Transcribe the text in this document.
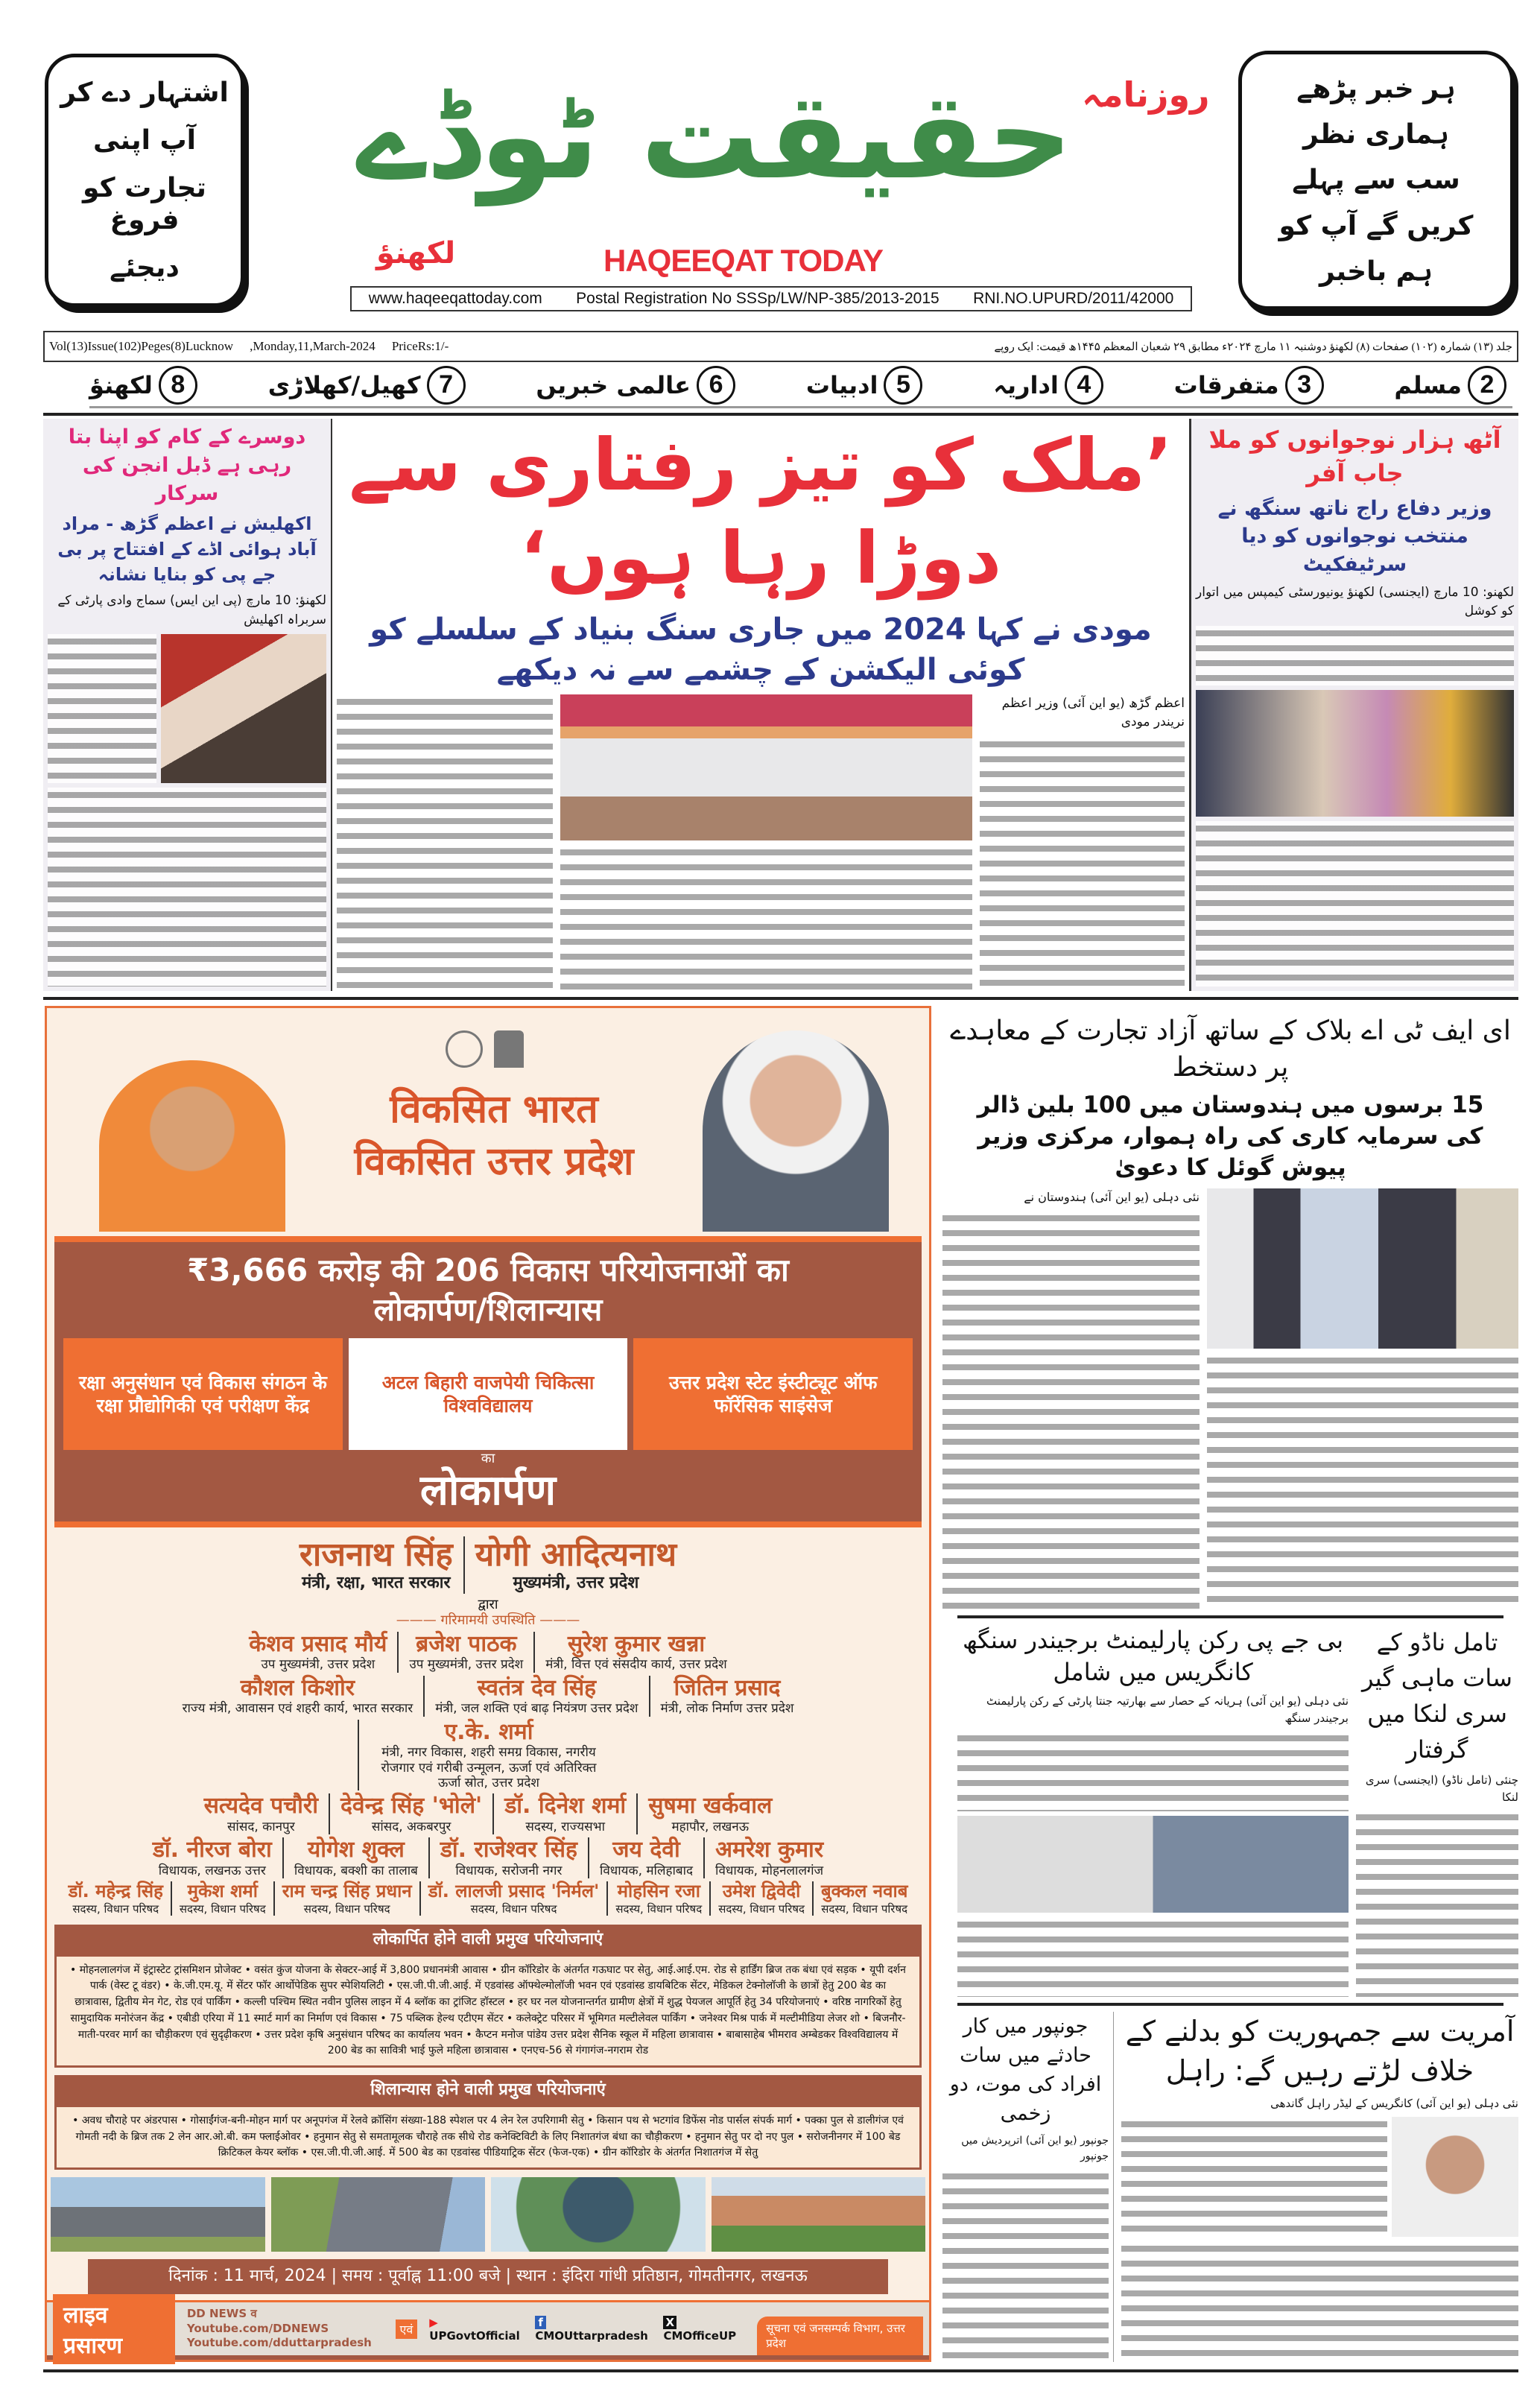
اشتہار دے کر
آپ اپنی
تجارت کو فروغ
دیجئے
ہر خبر پڑھے
ہماری نظر
سب سے پہلے
کریں گے آپ کو
ہم باخبر
حقیقت ٹوڈے روزنامہ
لکھنؤ	HAQEEQAT TODAY
www.haqeeqattoday.com Postal Registration No SSSp/LW/NP-385/2013-2015 RNI.NO.UPURD/2011/42000
Vol(13)Issue(102)Peges(8)Lucknow ,Monday,11,March-2024 PriceRs:1/-	جلد (۱۳) شمارہ (۱۰۲) صفحات (۸) لکھنؤ دوشنبہ ۱۱ مارچ ۲۰۲۴ء مطابق ۲۹ شعبان المعظم ۱۴۴۵ھ قیمت: ایک روپے
2
مسلم
3
متفرقات
4
اداریہ
5
ادبیات
6
عالمی خبریں
7
کھیل/کھلاڑی
8
لکھنؤ
دوسرے کے کام کو اپنا بتا رہی ہے ڈبل انجن کی سرکار
اکھلیش نے اعظم گڑھ - مراد آباد ہوائی اڈے کے افتتاح پر بی جے پی کو بنایا نشانہ
لکھنؤ: 10 مارچ (پی این ایس) سماج وادی پارٹی کے سربراہ اکھلیش
’ملک کو تیز رفتاری سے دوڑا رہا ہوں‘
مودی نے کہا 2024 میں جاری سنگ بنیاد کے سلسلے کو کوئی الیکشن کے چشمے سے نہ دیکھے
اعظم گڑھ (یو این آئی) وزیر اعظم نریندر مودی
آٹھ ہزار نوجوانوں کو ملا جاب آفر
وزیر دفاع راج ناتھ سنگھ نے منتخب نوجوانوں کو دیا سرٹیفکیٹ
لکھنو: 10 مارچ (ایجنسی) لکھنؤ یونیورسٹی کیمپس میں اتوار کو کوشل
विकसित भारत
विकसित उत्तर प्रदेश
₹3,666 करोड़ की 206 विकास परियोजनाओं का लोकार्पण/शिलान्यास
रक्षा अनुसंधान एवं विकास संगठन के रक्षा प्रौद्योगिकी एवं परीक्षण केंद्र
अटल बिहारी वाजपेयी चिकित्सा विश्वविद्यालय
उत्तर प्रदेश स्टेट इंस्टीट्यूट ऑफ फॉरेंसिक साइंसेज
का
लोकार्पण
राजनाथ सिंह
मंत्री, रक्षा, भारत सरकार
योगी आदित्यनाथ
मुख्यमंत्री, उत्तर प्रदेश
द्वारा
——— गरिमामयी उपस्थिति ———
केशव प्रसाद मौर्य
उप मुख्यमंत्री, उत्तर प्रदेश
ब्रजेश पाठक
उप मुख्यमंत्री, उत्तर प्रदेश
सुरेश कुमार खन्ना
मंत्री, वित्त एवं संसदीय कार्य, उत्तर प्रदेश
कौशल किशोर
राज्य मंत्री, आवासन एवं शहरी कार्य, भारत सरकार
स्वतंत्र देव सिंह
मंत्री, जल शक्ति एवं बाढ़ नियंत्रण उत्तर प्रदेश
जितिन प्रसाद
मंत्री, लोक निर्माण उत्तर प्रदेश
ए.के. शर्मा
मंत्री, नगर विकास, शहरी समग्र विकास, नगरीय रोजगार एवं गरीबी उन्मूलन, ऊर्जा एवं अतिरिक्त ऊर्जा स्रोत, उत्तर प्रदेश
सत्यदेव पचौरी
सांसद, कानपुर
देवेन्द्र सिंह 'भोले'
सांसद, अकबरपुर
डॉ. दिनेश शर्मा
सदस्य, राज्यसभा
सुषमा खर्कवाल
महापौर, लखनऊ
डॉ. नीरज बोरा
विधायक, लखनऊ उत्तर
योगेश शुक्ल
विधायक, बक्शी का तालाब
डॉ. राजेश्वर सिंह
विधायक, सरोजनी नगर
जय देवी
विधायक, मलिहाबाद
अमरेश कुमार
विधायक, मोहनलालगंज
डॉ. महेन्द्र सिंह
सदस्य, विधान परिषद
मुकेश शर्मा
सदस्य, विधान परिषद
राम चन्द्र सिंह प्रधान
सदस्य, विधान परिषद
डॉ. लालजी प्रसाद 'निर्मल'
सदस्य, विधान परिषद
मोहसिन रजा
सदस्य, विधान परिषद
उमेश द्विवेदी
सदस्य, विधान परिषद
बुक्कल नवाब
सदस्य, विधान परिषद
लोकार्पित होने वाली प्रमुख परियोजनाएं
• मोहनलालगंज में इंट्रास्टेट ट्रांसमिशन प्रोजेक्ट • वसंत कुंज योजना के सेक्टर-आई में 3,800 प्रधानमंत्री आवास • ग्रीन कॉरिडोर के अंतर्गत गऊघाट पर सेतु, आई.आई.एम. रोड से हार्डिंग ब्रिज तक बंधा एवं सड़क • यूपी दर्शन पार्क (वेस्ट टू वंडर) • के.जी.एम.यू. में सेंटर फॉर आर्थोपेडिक सुपर स्पेशियलिटी • एस.जी.पी.जी.आई. में एडवांस्ड ऑफ्थेल्मोलॉजी भवन एवं एडवांस्ड डायबिटिक सेंटर, मेडिकल टेक्नोलॉजी के छात्रों हेतु 200 बेड का छात्रावास, द्वितीय मेन गेट, रोड एवं पार्किंग • कल्ली पश्चिम स्थित नवीन पुलिस लाइन में 4 ब्लॉक का ट्रांजिट हॉस्टल • हर घर नल योजनान्तर्गत ग्रामीण क्षेत्रों में शुद्ध पेयजल आपूर्ति हेतु 34 परियोजनाएं • वरिष्ठ नागरिकों हेतु सामुदायिक मनोरंजन केंद्र • एबीडी एरिया में 11 स्मार्ट मार्ग का निर्माण एवं विकास • 75 पब्लिक हेल्थ एटीएम सेंटर • कलेक्ट्रेट परिसर में भूमिगत मल्टीलेवल पार्किंग • जनेश्वर मिश्र पार्क में मल्टीमीडिया लेजर शो • बिजनौर-माती-परवर मार्ग का चौड़ीकरण एवं सुदृढ़ीकरण • उत्तर प्रदेश कृषि अनुसंधान परिषद का कार्यालय भवन • कैप्टन मनोज पांडेय उत्तर प्रदेश सैनिक स्कूल में महिला छात्रावास • बाबासाहेब भीमराव अम्बेडकर विश्वविद्यालय में 200 बेड का सावित्री भाई फुले महिला छात्रावास • एनएच-56 से गंगागंज-नगराम रोड
शिलान्यास होने वाली प्रमुख परियोजनाएं
• अवध चौराहे पर अंडरपास • गोसाईंगंज-बनी-मोहन मार्ग पर अनूपगंज में रेलवे क्रॉसिंग संख्या-188 स्पेशल पर 4 लेन रेल उपरिगामी सेतु • किसान पथ से भटगांव डिफेंस नोड पार्सल संपर्क मार्ग • पक्का पुल से डालीगंज एवं गोमती नदी के ब्रिज तक 2 लेन आर.ओ.बी. कम फ्लाईओवर • हनुमान सेतु से समतामूलक चौराहे तक सीधे रोड कनेक्टिविटी के लिए निशातगंज बंधा का चौड़ीकरण • हनुमान सेतु पर दो नए पुल • सरोजनीनगर में 100 बेड क्रिटिकल केयर ब्लॉक • एस.जी.पी.जी.आई. में 500 बेड का एडवांस्ड पीडियाट्रिक सेंटर (फेज-एक) • ग्रीन कॉरिडोर के अंतर्गत निशातगंज में सेतु
दिनांक : 11 मार्च, 2024 | समय : पूर्वाह्न 11:00 बजे | स्थान : इंदिरा गांधी प्रतिष्ठान, गोमतीनगर, लखनऊ
लाइव प्रसारण
DD NEWS व Youtube.com/DDNEWS
Youtube.com/dduttarpradesh
एवं	▶ UPGovtOfficial
f CMOUttarpradesh
X CMOfficeUP
सूचना एवं जनसम्पर्क विभाग, उत्तर प्रदेश
ای ایف ٹی اے بلاک کے ساتھ آزاد تجارت کے معاہدے پر دستخط
15 برسوں میں ہندوستان میں 100 بلین ڈالر کی سرمایہ کاری کی راہ ہموار، مرکزی وزیر پیوش گوئل کا دعویٰ
نئی دہلی (یو این آئی) ہندوستان نے
بی جے پی رکن پارلیمنٹ برجیندر سنگھ کانگریس میں شامل
نئی دہلی (یو این آئی) ہریانہ کے حصار سے بھارتیہ جنتا پارٹی کے رکن پارلیمنٹ برجیندر سنگھ
تامل ناڈو کے سات ماہی گیر سری لنکا میں گرفتار
چنئی (تامل ناڈو) (ایجنسی) سری لنکا
جونپور میں کار حادثے میں سات افراد کی موت، دو زخمی
جونپور (یو این آئی) اترپردیش میں جونپور
آمریت سے جمہوریت کو بدلنے کے خلاف لڑتے رہیں گے: راہل
نئی دہلی (یو این آئی) کانگریس کے لیڈر راہل گاندھی
